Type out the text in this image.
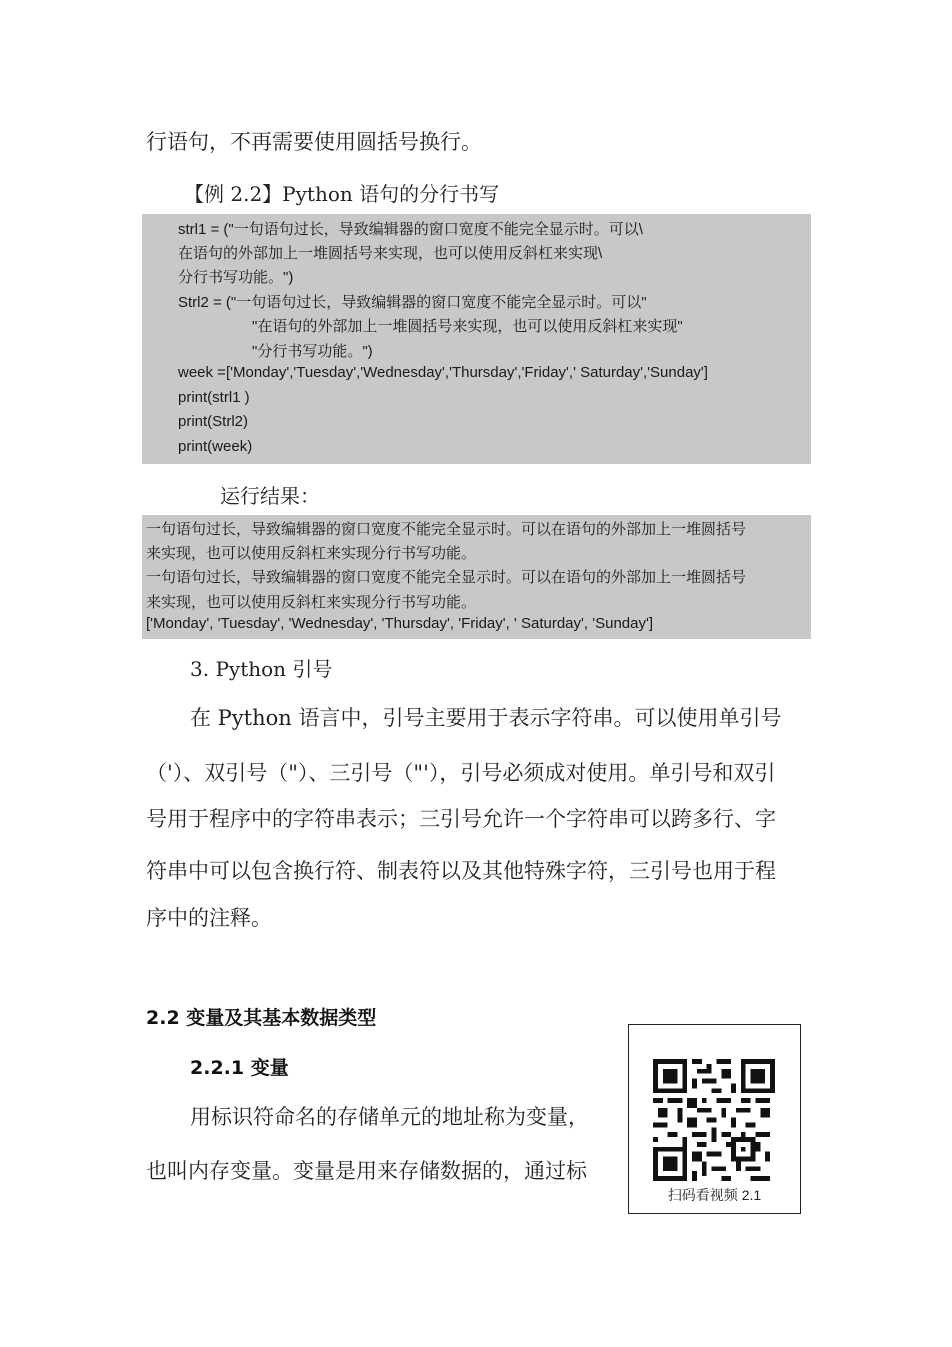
行语句，不再需要使用圆括号换行。
【例 2.2】Python 语句的分行书写
strl1 = ("一句语句过长，导致编辑器的窗口宽度不能完全显示时。可以\
在语句的外部加上一堆圆括号来实现，也可以使用反斜杠来实现\
分行书写功能。")
Strl2 = ("一句语句过长，导致编辑器的窗口宽度不能完全显示时。可以"
"在语句的外部加上一堆圆括号来实现，也可以使用反斜杠来实现"
"分行书写功能。")
week =['Monday','Tuesday','Wednesday','Thursday','Friday',' Saturday','Sunday']
print(strl1 )
print(Strl2)
print(week)
运行结果：
一句语句过长，导致编辑器的窗口宽度不能完全显示时。可以在语句的外部加上一堆圆括号
来实现，也可以使用反斜杠来实现分行书写功能。
一句语句过长，导致编辑器的窗口宽度不能完全显示时。可以在语句的外部加上一堆圆括号
来实现，也可以使用反斜杠来实现分行书写功能。
['Monday', 'Tuesday', 'Wednesday', 'Thursday', 'Friday', ' Saturday', 'Sunday']
3. Python 引号
在 Python 语言中，引号主要用于表示字符串。可以使用单引号
（'）、双引号（"）、三引号（"'），引号必须成对使用。单引号和双引
号用于程序中的字符串表示；三引号允许一个字符串可以跨多行、字
符串中可以包含换行符、制表符以及其他特殊字符，三引号也用于程
序中的注释。
2.2 变量及其基本数据类型
2.2.1 变量
用标识符命名的存储单元的地址称为变量，
也叫内存变量。变量是用来存储数据的，通过标
扫码看视频 2.1
